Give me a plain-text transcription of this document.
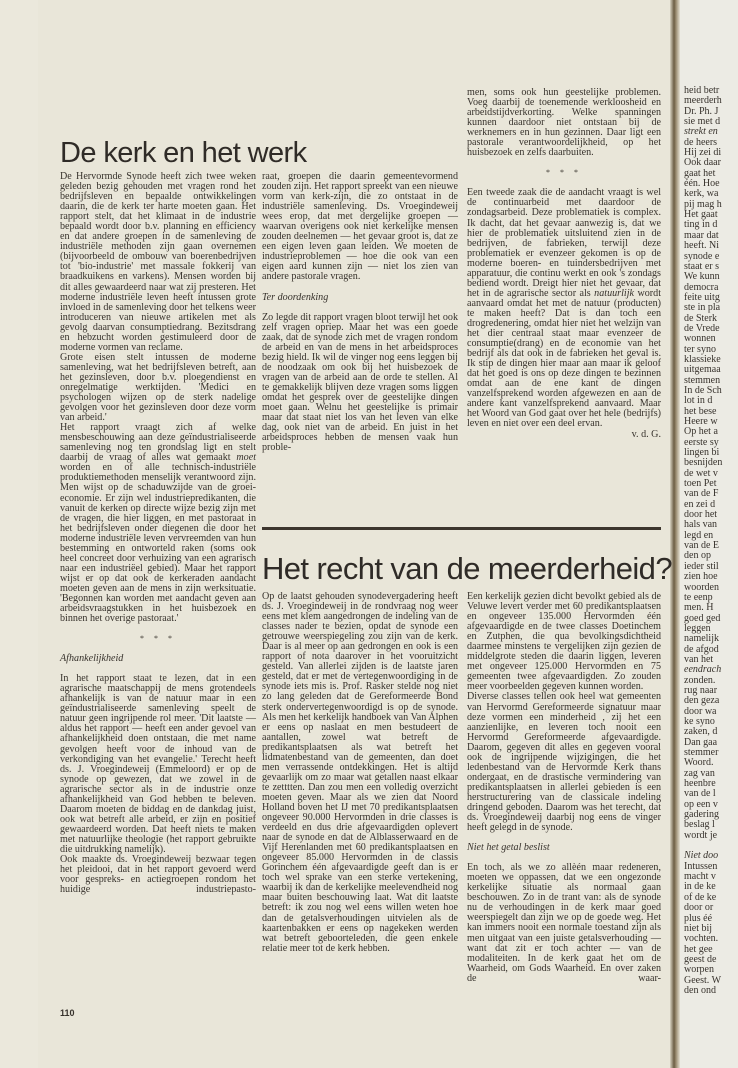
De kerk en het werk

De Hervormde Synode heeft zich twee weken geleden bezig gehouden met vragen rond het bedrijfsleven en bepaalde ontwikkelingen daarin, die de kerk ter harte moeten gaan. Het rapport stelt, dat het klimaat in de industrie bepaald wordt door b.v. planning en efficiency en dat andere groepen in de samenleving de industriële methoden zijn gaan overnemen (bijvoorbeeld de ombouw van boerenbedrijven tot 'bio-industrie' met massale fokkerij van braadkuikens en varkens). Mensen worden bij dit alles gewaardeerd naar wat zij presteren. Het moderne industriële leven heeft intussen grote invloed in de samenleving door het telkens weer introduceren van nieuwe artikelen met als gevolg daarvan consumptiedrang. Bezitsdrang en hebzucht worden gestimuleerd door de moderne vormen van reclame.

Grote eisen stelt intussen de moderne samenleving, wat het bedrijfsleven betreft, aan het gezinsleven, door b.v. ploegendienst en onregelmatige werktijden. 'Medici en psychologen wijzen op de sterk nadelige gevolgen voor het gezinsleven door deze vorm van arbeid.'

Het rapport vraagt zich af welke mensbeschouwing aan deze geïndustrialiseerde samenleving nog ten grondslag ligt en stelt daarbij de vraag of alles wat gemaakt moet worden en of alle technisch-industriële produktiemethoden menselijk verantwoord zijn. Men wijst op de schaduwzijde van de groei-economie. Er zijn wel industriepredikanten, die vanuit de kerken op directe wijze bezig zijn met de vragen, die hier liggen, en met pastoraat in het bedrijfsleven onder diegenen die door het moderne industriële leven vervreemden van hun bestemming en ontworteld raken (soms ook heel concreet door verhuizing van een agrarisch naar een industriëel gebied). Maar het rapport wijst er op dat ook de kerkeraden aandacht moeten geven aan de mens in zijn werksituatie. 'Begonnen kan worden met aandacht geven aan arbeidsvraagstukken in het huisbezoek en binnen het overige pastoraat.'

* * *

Afhankelijkheid

In het rapport staat te lezen, dat in een agrarische maatschappij de mens grotendeels afhankelijk is van de natuur maar in een geïndustrialiseerde samenleving speelt de natuur geen ingrijpende rol meer. 'Dit laatste — aldus het rapport — heeft een ander gevoel van afhankelijkheid doen ontstaan, die met name gevolgen heeft voor de inhoud van de verkondiging van het evangelie.' Terecht heeft ds. J. Vroegindeweij (Emmeloord) er op de synode op gewezen, dat we zowel in de agrarische sector als in de industrie onze afhankelijkheid van God hebben te beleven. Daarom moeten de biddag en de dankdag juist, ook wat betreft alle arbeid, er zijn en positief gewaardeerd worden. Dat heeft niets te maken met natuurlijke theologie (het rapport gebruikte die uitdrukking namelijk).

Ook maakte ds. Vroegindeweij bezwaar tegen het pleidooi, dat in het rapport gevoerd werd voor gespreks- en actiegroepen rondom het huidige industriepasto-

raat, groepen die daarin gemeentevormend zouden zijn. Het rapport spreekt van een nieuwe vorm van kerk-zijn, die zo ontstaat in de industriële samenleving. Ds. Vroegindeweij wees erop, dat met dergelijke groepen — waarvan overigens ook niet kerkelijke mensen zouden deelnemen — het gevaar groot is, dat ze een eigen leven gaan leiden. We moeten de industrieproblemen — hoe die ook van een eigen aard kunnen zijn — niet los zien van andere pastorale vragen.

Ter doordenking

Zo legde dit rapport vragen bloot terwijl het ook zelf vragen opriep. Maar het was een goede zaak, dat de synode zich met de vragen rondom de arbeid en van de mens in het arbeidsproces bezig hield. Ik wil de vinger nog eens leggen bij de noodzaak om ook bij het huisbezoek de vragen van de arbeid aan de orde te stellen. Al te gemakkelijk blijven deze vragen soms liggen omdat het gesprek over de geestelijke dingen moet gaan. Welnu het geestelijke is primair maar dat staat niet los van het leven van elke dag, ook niet van de arbeid. En juist in het arbeidsproces hebben de mensen vaak hun proble-

men, soms ook hun geestelijke problemen. Voeg daarbij de toenemende werkloosheid en arbeidstijdverkorting. Welke spanningen kunnen daardoor niet ontstaan bij de werknemers en in hun gezinnen. Daar ligt een pastorale verantwoordelijkheid, op het huisbezoek en zelfs daarbuiten.

* * *

Een tweede zaak die de aandacht vraagt is wel de continuarbeid met daardoor de zondagsarbeid. Deze problematiek is complex. Ik dacht, dat het gevaar aanwezig is, dat we hier de problematiek uitsluitend zien in de bedrijven, de fabrieken, terwijl deze problematiek er evenzeer gekomen is op de moderne boeren- en tuindersbedrijven met apparatuur, die continu werkt en ook 's zondags bediend wordt. Dreigt hier niet het gevaar, dat het in de agrarische sector als natuurlijk wordt aanvaard omdat het met de natuur (producten) te maken heeft? Dat is dan toch een drogredenering, omdat hier niet het welzijn van het dier centraal staat maar evenzeer de consumptie(drang) en de economie van het bedrijf als dat ook in de fabrieken het geval is. Ik stip de dingen hier maar aan maar ik geloof dat het goed is ons op deze dingen te bezinnen omdat aan de ene kant de dingen vanzelfsprekend worden afgewezen en aan de andere kant vanzelfsprekend aanvaard. Maar het Woord van God gaat over het hele (bedrijfs) leven en niet over een deel ervan.

v. d. G.

Het recht van de meerderheid?

Op de laatst gehouden synodevergadering heeft ds. J. Vroegindeweij in de rondvraag nog weer eens met klem aangedrongen de indeling van de classes nader te bezien, opdat de synode een getrouwe weerspiegeling zou zijn van de kerk. Daar is al meer op aan gedrongen en ook is een rapport of nota daarover in het vooruitzicht gesteld. Van allerlei zijden is de laatste jaren gesteld, dat er met de vertegenwoordiging in de synode iets mis is. Prof. Rasker stelde nog niet zo lang geleden dat de Gereformeerde Bond sterk ondervertegenwoordigd is op de synode. Als men het kerkelijk handboek van Van Alphen er eens op naslaat en men bestudeert de aantallen, zowel wat betreft de predikantsplaatsen als wat betreft het lidmatenbestand van de gemeenten, dan doet men verrassende ontdekkingen. Het is altijd gevaarlijk om zo maar wat getallen naast elkaar te zetttten. Dan zou men een volledig overzicht moeten geven. Maar als we zien dat Noord Holland boven het IJ met 70 predikantsplaatsen ongeveer 90.000 Hervormden in drie classes is verdeeld en dus drie afgevaardigden oplevert naar de synode en dat de Alblasserwaard en de Vijf Herenlanden met 60 predikantsplaatsen en ongeveer 85.000 Hervormden in de classis Gorinchem één afgevaardigde geeft dan is er toch wel sprake van een sterke vertekening, waarbij ik dan de kerkelijke meelevendheid nog maar buiten beschouwing laat. Wat dit laatste betreft: ik zou nog wel eens willen weten hoe dan de getalsverhoudingen uitvielen als de kaartenbakken er eens op nagekeken werden wat betreft geboorteleden, die geen enkele relatie meer tot de kerk hebben.

Een kerkelijk gezien dicht bevolkt gebied als de Veluwe levert verder met 60 predikantsplaatsen en ongeveer 135.000 Hervormden één afgevaardigde en de twee classes Doetinchem en Zutphen, die qua bevolkingsdichtheid daarmee minstens te vergelijken zijn gezien de middelgrote steden die daarin liggen, leveren met ongeveer 125.000 Hervormden en 75 gemeenten twee afgevaardigden. Zo zouden meer voorbeelden gegeven kunnen worden.

Diverse classes tellen ook heel wat gemeenten van Hervormd Gereformeerde signatuur maar deze vormen een minderheid , zij het een aanzienlijke, en leveren toch nooit een Hervormd Gereformeerde afgevaardigde. Daarom, gegeven dit alles en gegeven vooral ook de ingrijpende wijzigingen, die het ledenbestand van de Hervormde Kerk thans ondergaat, en de drastische vermindering van predikantsplaatsen in allerlei gebieden is een herstructurering van de classicale indeling dringend geboden. Daarom was het terecht, dat ds. Vroegindeweij daarbij nog eens de vinger heeft gelegd in de synode.

Niet het getal beslist

En toch, als we zo allèén maar redeneren, moeten we oppassen, dat we een ongezonde kerkelijke situatie als normaal gaan beschouwen. Zo in de trant van: als de synode nu de verhoudingen in de kerk maar goed weerspiegelt dan zijn we op de goede weg. Het kan immers nooit een normale toestand zijn als men uitgaat van een juiste getalsverhouding — want dat zit er toch achter — van de modaliteiten. In de kerk gaat het om de Waarheid, om Gods Waarheid. En over zaken de waar-

110
heid betr
meerderh
Dr. Ph. J
sie met d
strekt en
de heers
Hij zei di
Ook daar
gaat het
één. Hoe
kerk, wa
pij mag h
Het gaat
ting in d
maar dat
heeft. Ni
synode e
staat er s
We kunn
democra
feite uitg
ste in pla
de Sterk
de Vrede
wonnen
ter syno
klassieke
uitgemaa
stemmen
In de Sch
lot in d
het bese
Heere w
Op het a
eerste sy
lingen bi
besnijden
de wet v
toen Pet
van de F
en zei d
door het
hals van
legd en
van de E
den op
ieder stil
zien hoe
woorden
te eenp
men. H
goed ged
leggen
namelijk
de afgod
van het
eendrach
zonden.
rug naar
den geza
door wa
ke syno
zaken, d
Dan gaa
stemmer
Woord.
zag van
heenbre
van de l
op een v
gadering
beslag l
wordt je
Niet doo
Intussen
macht v
in de ke
of de ke
door or
plus éé
niet bij
vochten.
het gee
geest de
worpen
Geest. W
den ond
